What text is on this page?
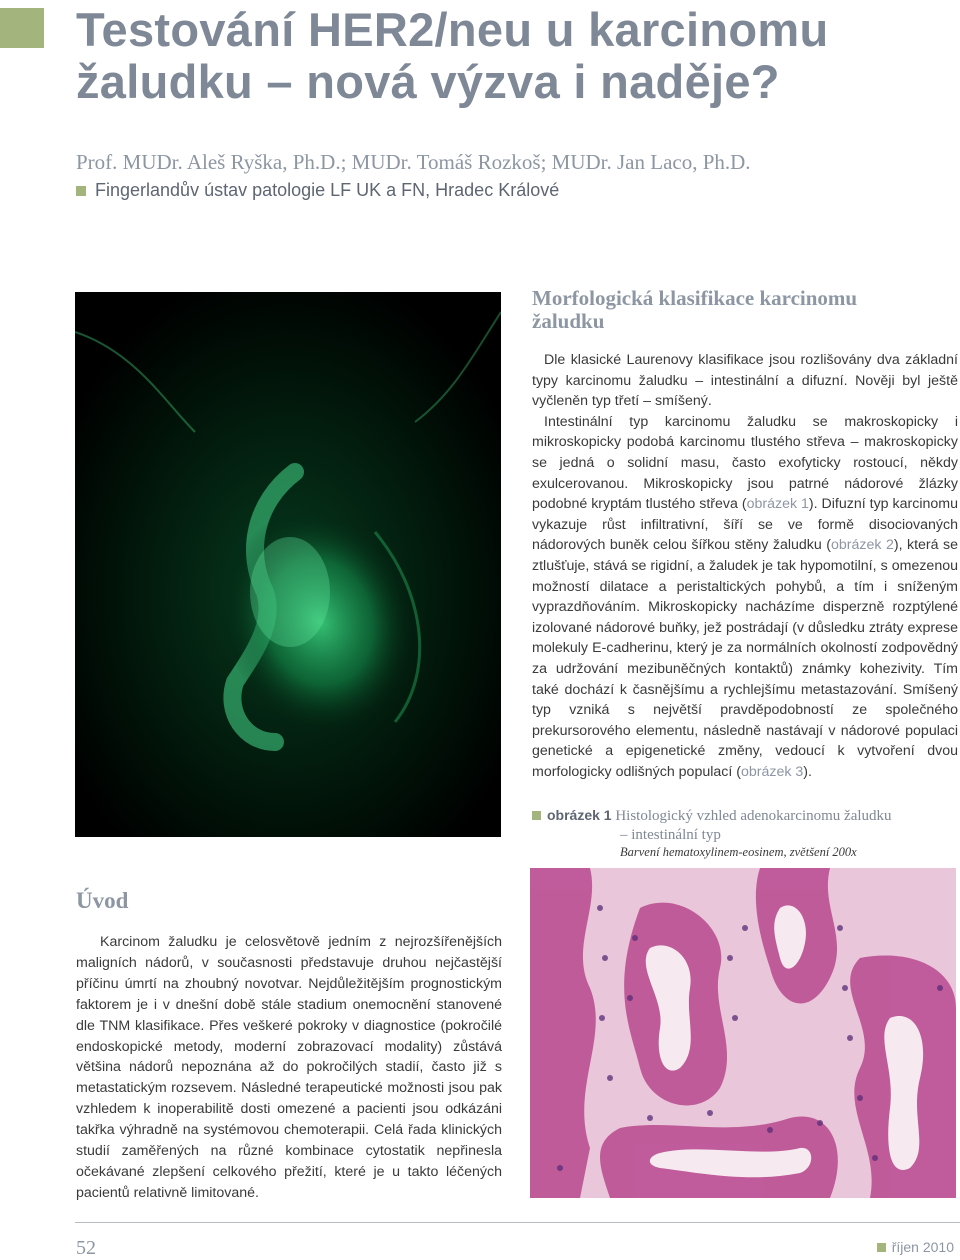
Testování HER2/neu u karcinomu
žaludku – nová výzva i naděje?
Prof. MUDr. Aleš Ryška, Ph.D.; MUDr. Tomáš Rozkoš; MUDr. Jan Laco, Ph.D.
Fingerlandův ústav patologie LF UK a FN, Hradec Králové
Morfologická klasifikace karcinomu
žaludku

Dle klasické Laurenovy klasifikace jsou rozlišovány dva základní typy karcinomu žaludku – intestinální a difuzní. Nověji byl ještě vyčleněn typ třetí – smíšený.

Intestinální typ karcinomu žaludku se makroskopicky i mikroskopicky podobá karcinomu tlustého střeva – makroskopicky se jedná o solidní masu, často exofyticky rostoucí, někdy exulcerovanou. Mikroskopicky jsou patrné nádorové žlázky podobné kryptám tlustého střeva (obrázek 1). Difuzní typ karcinomu vykazuje růst infiltrativní, šíří se ve formě disociovaných nádorových buněk celou šířkou stěny žaludku (obrázek 2), která se ztlušťuje, stává se rigidní, a žaludek je tak hypomotilní, s omezenou možností dilatace a peristaltických pohybů, a tím i sníženým vyprazdňováním. Mikroskopicky nacházíme disperzně rozptýlené izolované nádorové buňky, jež postrádají (v důsledku ztráty exprese molekuly E-cadherinu, který je za normálních okolností zodpovědný za udržování mezibuněčných kontaktů) známky kohezivity. Tím také dochází k časnějšímu a rychlejšímu metastazování. Smíšený typ vzniká s největší pravděpodobností ze společného prekursorového elementu, následně nastávají v nádorové populaci genetické a epigenetické změny, vedoucí k vytvoření dvou morfologicky odlišných populací (obrázek 3).

obrázek 1 Histologický vzhled adenokarcinomu žaludku
– intestinální typ
Barvení hematoxylinem-eosinem, zvětšení 200x
Úvod

Karcinom žaludku je celosvětově jedním z nejrozšířenějších maligních nádorů, v současnosti představuje druhou nejčastější příčinu úmrtí na zhoubný novotvar. Nejdůležitějším prognostickým faktorem je i v dnešní době stále stadium onemocnění stanovené dle TNM klasifikace. Přes veškeré pokroky v diagnostice (pokročilé endoskopické metody, moderní zobrazovací modality) zůstává většina nádorů nepoznána až do pokročilých stadií, často již s metastatickým rozsevem. Následné terapeutické možnosti jsou pak vzhledem k inoperabilitě dosti omezené a pacienti jsou odkázáni takřka výhradně na systémovou chemoterapii. Celá řada klinických studií zaměřených na různé kombinace cytostatik nepřinesla očekávané zlepšení celkového přežití, které je u takto léčených pacientů relativně limitované.

52	říjen 2010
